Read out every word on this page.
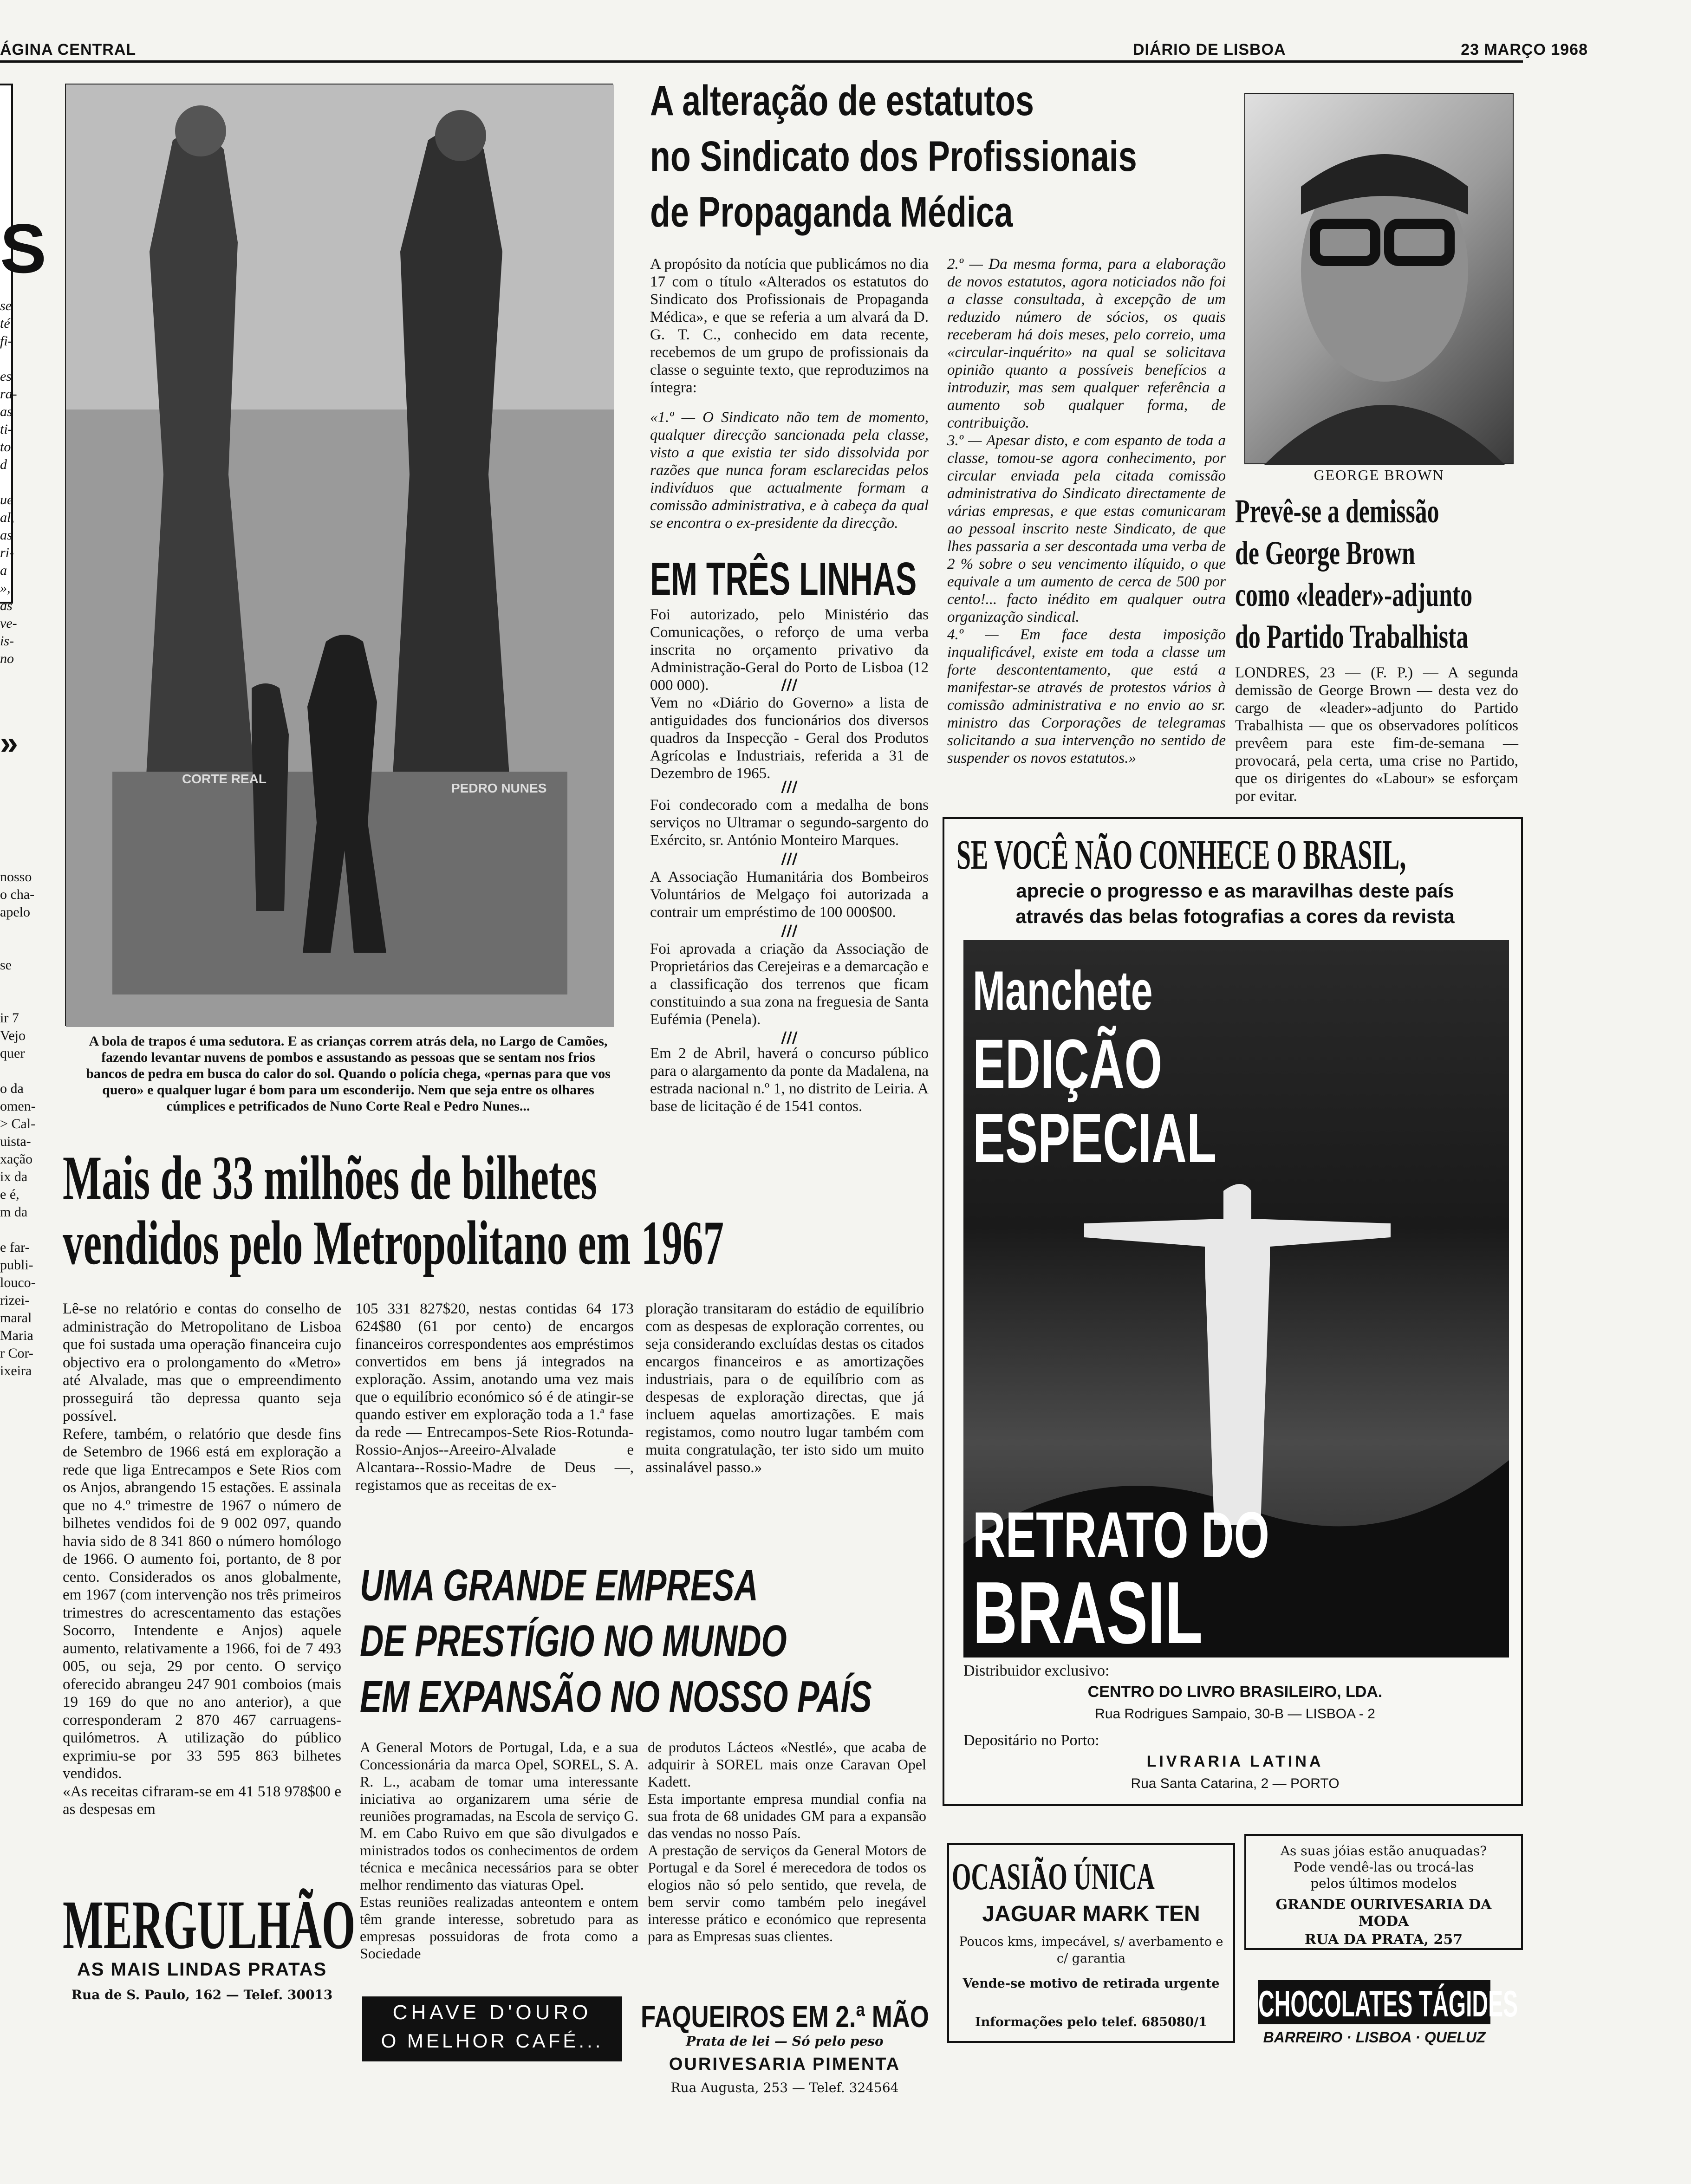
ÁGINA CENTRAL	DIÁRIO DE LISBOA	23 MARÇO 1968
S
se
té
fi-

es
ra-
as
ti-
to
d

ue
al,
as
ri-
a
»,
as
ve-
is-
no
»
nosso
o cha-
apelo
se

ir 7
Vejo
quer

o da
omen-
> Cal-
uista-
xação
ix da
e é,
m da

e far-
publi-
louco-
rizei-
maral
Maria
r Cor-
ixeira
CORTE REAL
PEDRO NUNES
A bola de trapos é uma sedutora. E as crianças correm atrás dela, no Largo de Camões, fazendo levantar nuvens de pombos e assustando as pessoas que se sentam nos frios bancos de pedra em busca do calor do sol. Quando o polícia chega, «pernas para que vos quero» e qualquer lugar é bom para um esconderijo. Nem que seja entre os olhares cúmplices e petrificados de Nuno Corte Real e Pedro Nunes...
A alteração de estatutos
no Sindicato dos Profissionais
de Propaganda Médica
A propósito da notícia que publicámos no dia 17 com o título «Alterados os estatutos do Sindicato dos Profissionais de Propaganda Médica», e que se referia a um alvará da D. G. T. C., conhecido em data recente, recebemos de um grupo de profissionais da classe o seguinte texto, que reproduzimos na íntegra:
«1.º — O Sindicato não tem de momento, qualquer direcção sancionada pela classe, visto a que existia ter sido dissolvida por razões que nunca foram esclarecidas pelos indivíduos que actualmente formam a comissão administrativa, e à cabeça da qual se encontra o ex-presidente da direcção.
2.º — Da mesma forma, para a elaboração de novos estatutos, agora noticiados não foi a classe consultada, à excepção de um reduzido número de sócios, os quais receberam há dois meses, pelo correio, uma «circular-inquérito» na qual se solicitava opinião quanto a possíveis benefícios a introduzir, mas sem qualquer referência a aumento sob qualquer forma, de contribuição.
3.º — Apesar disto, e com espanto de toda a classe, tomou-se agora conhecimento, por circular enviada pela citada comissão administrativa do Sindicato directamente de várias empresas, e que estas comunicaram ao pessoal inscrito neste Sindicato, de que lhes passaria a ser descontada uma verba de 2 % sobre o seu vencimento ilíquido, o que equivale a um aumento de cerca de 500 por cento!... facto inédito em qualquer outra organização sindical.
4.º — Em face desta imposição inqualificável, existe em toda a classe um forte descontentamento, que está a manifestar-se através de protestos vários à comissão administrativa e no envio ao sr. ministro das Corporações de telegramas solicitando a sua intervenção no sentido de suspender os novos estatutos.»
EM TRÊS LINHAS
Foi autorizado, pelo Ministério das Comunicações, o reforço de uma verba inscrita no orçamento privativo da Administração-Geral do Porto de Lisboa (12 000 000).	///
Vem no «Diário do Governo» a lista de antiguidades dos funcionários dos diversos quadros da Inspecção - Geral dos Produtos Agrícolas e Industriais, referida a 31 de Dezembro de 1965.
///
Foi condecorado com a medalha de bons serviços no Ultramar o segundo-sargento do Exército, sr. António Monteiro Marques.
///
A Associação Humanitária dos Bombeiros Voluntários de Melgaço foi autorizada a contrair um empréstimo de 100 000$00.
///
Foi aprovada a criação da Associação de Proprietários das Cerejeiras e a demarcação e a classificação dos terrenos que ficam constituindo a sua zona na freguesia de Santa Eufémia (Penela).
///
Em 2 de Abril, haverá o concurso público para o alargamento da ponte da Madalena, na estrada nacional n.º 1, no distrito de Leiria. A base de licitação é de 1541 contos.
GEORGE BROWN
Prevê-se a demissão
de George Brown
como «leader»-adjunto
do Partido Trabalhista
LONDRES, 23 — (F. P.) — A segunda demissão de George Brown — desta vez do cargo de «leader»-adjunto do Partido Trabalhista — que os observadores políticos prevêem para este fim-de-semana — provocará, pela certa, uma crise no Partido, que os dirigentes do «Labour» se esforçam por evitar.
SE VOCÊ NÃO CONHECE O BRASIL,
aprecie o progresso e as maravilhas deste país
através das belas fotografias a cores da revista
Manchete
EDIÇÃO
ESPECIAL
RETRATO DO
BRASIL
Distribuidor exclusivo:
CENTRO DO LIVRO BRASILEIRO, LDA.
Rua Rodrigues Sampaio, 30-B — LISBOA - 2
Depositário no Porto:
LIVRARIA LATINA
Rua Santa Catarina, 2 — PORTO
Mais de 33 milhões de bilhetes
vendidos pelo Metropolitano em 1967
Lê-se no relatório e contas do conselho de administração do Metropolitano de Lisboa que foi sustada uma operação financeira cujo objectivo era o prolongamento do «Metro» até Alvalade, mas que o empreendimento prosseguirá tão depressa quanto seja possível.
Refere, também, o relatório que desde fins de Setembro de 1966 está em exploração a rede que liga Entrecampos e Sete Rios com os Anjos, abrangendo 15 estações. E assinala que no 4.º trimestre de 1967 o número de bilhetes vendidos foi de 9 002 097, quando havia sido de 8 341 860 o número homólogo de 1966. O aumento foi, portanto, de 8 por cento. Considerados os anos globalmente, em 1967 (com intervenção nos três primeiros trimestres do acrescentamento das estações Socorro, Intendente e Anjos) aquele aumento, relativamente a 1966, foi de 7 493 005, ou seja, 29 por cento. O serviço oferecido abrangeu 247 901 comboios (mais 19 169 do que no ano anterior), a que corresponderam 2 870 467 carruagens-quilómetros. A utilização do público exprimiu-se por 33 595 863 bilhetes vendidos.
«As receitas cifraram-se em 41 518 978$00 e as despesas em
105 331 827$20, nestas contidas 64 173 624$80 (61 por cento) de encargos financeiros correspondentes aos empréstimos convertidos em bens já integrados na exploração. Assim, anotando uma vez mais que o equilíbrio económico só é de atingir-se quando estiver em exploração toda a 1.ª fase da rede — Entrecampos-Sete Rios-Rotunda-Rossio-Anjos--Areeiro-Alvalade e Alcantara--Rossio-Madre de Deus —, registamos que as receitas de ex-
ploração transitaram do estádio de equilíbrio com as despesas de exploração correntes, ou seja considerando excluídas destas os citados encargos financeiros e as amortizações industriais, para o de equilíbrio com as despesas de exploração directas, que já incluem aquelas amortizações. E mais registamos, como noutro lugar também com muita congratulação, ter isto sido um muito assinalável passo.»
UMA GRANDE EMPRESA
DE PRESTÍGIO NO MUNDO
EM EXPANSÃO NO NOSSO PAÍS
A General Motors de Portugal, Lda, e a sua Concessionária da marca Opel, SOREL, S. A. R. L., acabam de tomar uma interessante iniciativa ao organizarem uma série de reuniões programadas, na Escola de serviço G. M. em Cabo Ruivo em que são divulgados e ministrados todos os conhecimentos de ordem técnica e mecânica necessários para se obter melhor rendimento das viaturas Opel.
Estas reuniões realizadas anteontem e ontem têm grande interesse, sobretudo para as empresas possuidoras de frota como a Sociedade
de produtos Lácteos «Nestlé», que acaba de adquirir à SOREL mais onze Caravan Opel Kadett.
Esta importante empresa mundial confia na sua frota de 68 unidades GM para a expansão das vendas no nosso País.
A prestação de serviços da General Motors de Portugal e da Sorel é merecedora de todos os elogios não só pelo sentido, que revela, de bem servir como também pelo inegável interesse prático e económico que representa para as Empresas suas clientes.
MERGULHÃO
AS MAIS LINDAS PRATAS
Rua de S. Paulo, 162 — Telef. 30013
CHAVE D'OURO
O MELHOR CAFÉ...
FAQUEIROS EM 2.ª MÃO
Prata de lei — Só pelo peso
OURIVESARIA PIMENTA
Rua Augusta, 253 — Telef. 324564
OCASIÃO ÚNICA
JAGUAR MARK TEN
Poucos kms, impecável, s/ averbamento e c/ garantia
Vende-se motivo de retirada urgente
Informações pelo telef. 685080/1
As suas jóias estão anuquadas?
Pode vendê-las ou trocá-las
pelos últimos modelos
GRANDE OURIVESARIA DA MODA
RUA DA PRATA, 257
CHOCOLATES TÁGIDES
BARREIRO · LISBOA · QUELUZ
